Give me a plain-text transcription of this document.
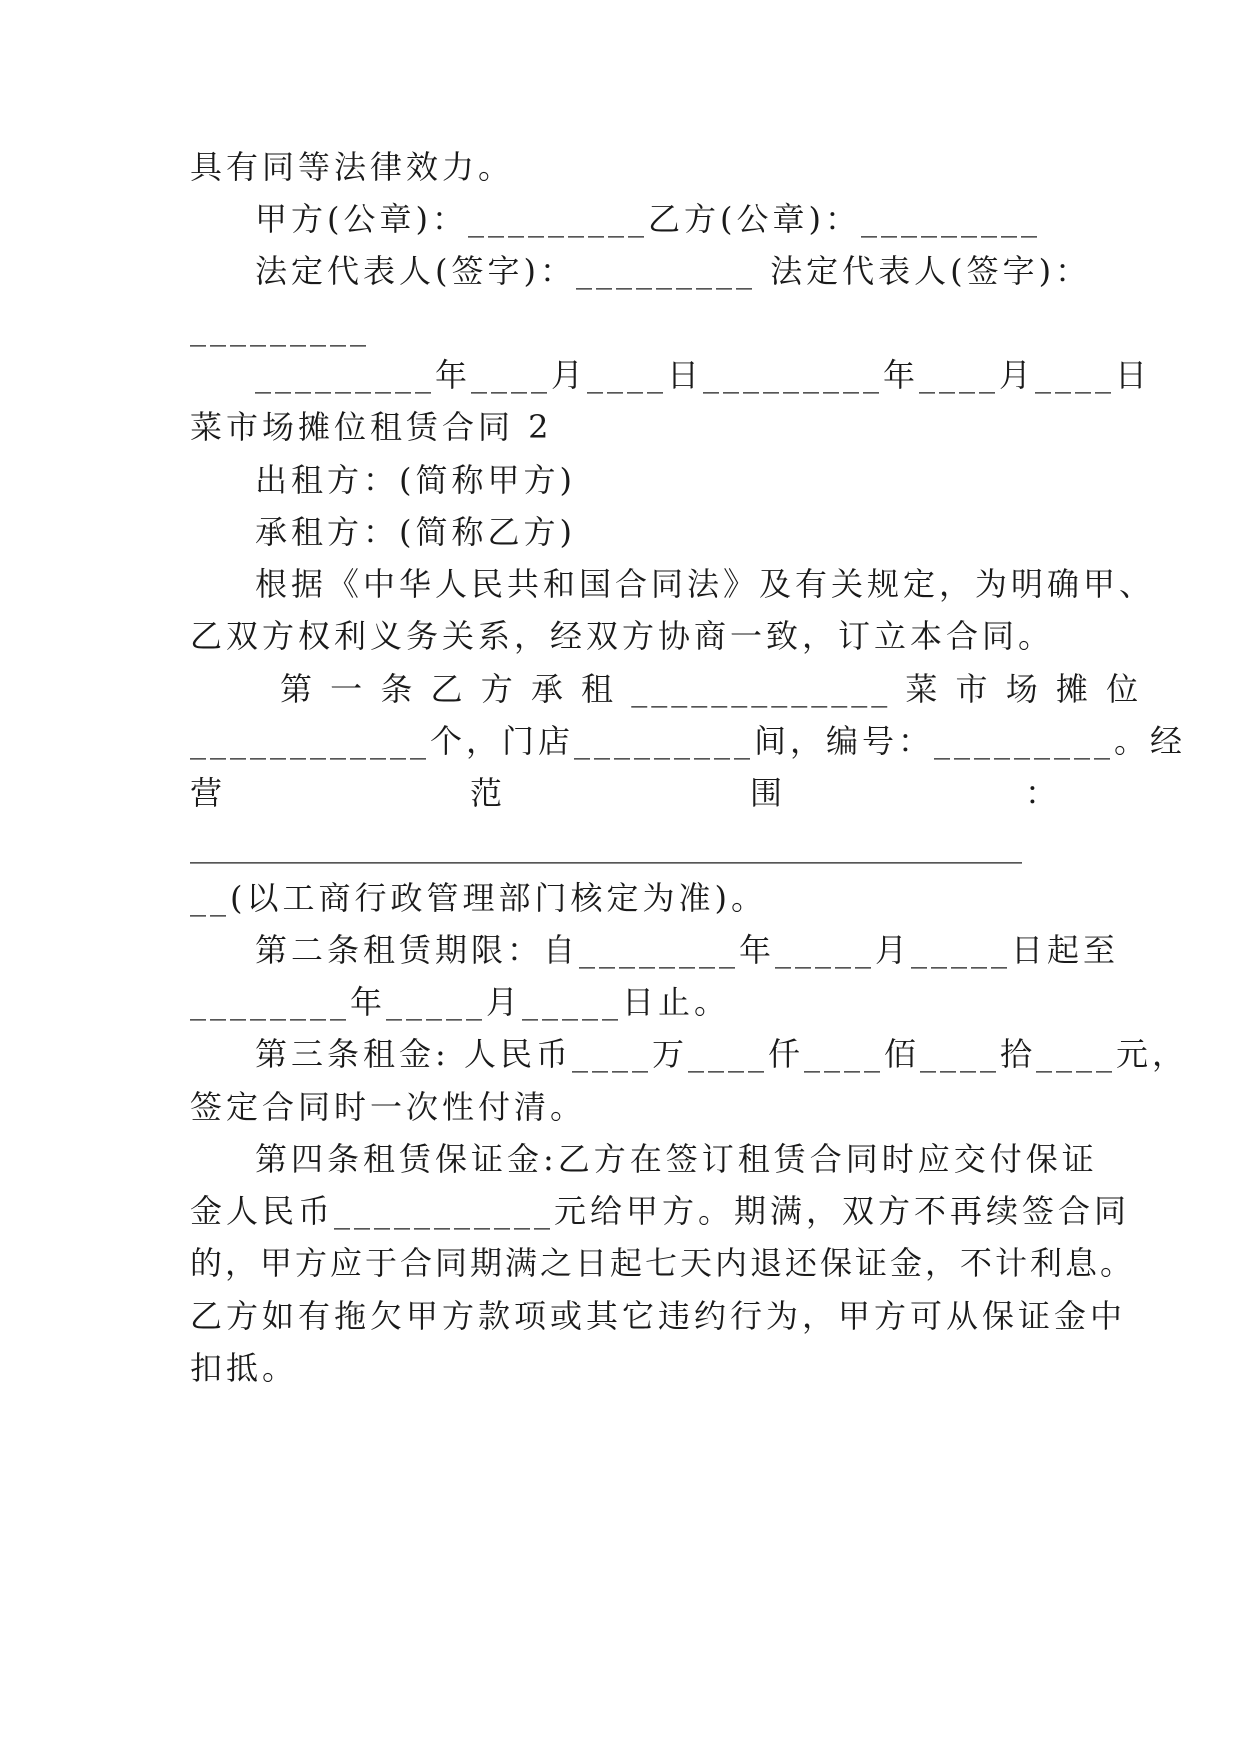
具有同等法律效力。
甲方(公章)：_________乙方(公章)：_________
法定代表人(签字)：_________ 法定代表人(签字)：
_________
_________年____月____日_________年____月____日
菜市场摊位租赁合同 2
出租方：(简称甲方)
承租方：(简称乙方)
根据《中华人民共和国合同法》及有关规定，为明确甲、
乙双方权利义务关系，经双方协商一致，订立本合同。
第 一 条 乙 方 承 租 _____________ 菜 市 场 摊 位
____________个，门店_________间，编号：_________。经
营	范	围	：
____________________________________________________
__(以工商行政管理部门核定为准)。
第二条租赁期限：自________年_____月_____日起至
________年_____月_____日止。
第三条租金: 人民币____万____仟____佰____拾____元，
签定合同时一次性付清。
第四条租赁保证金:乙方在签订租赁合同时应交付保证
金人民币___________元给甲方。期满，双方不再续签合同
的，甲方应于合同期满之日起七天内退还保证金，不计利息。
乙方如有拖欠甲方款项或其它违约行为，甲方可从保证金中
扣抵。
